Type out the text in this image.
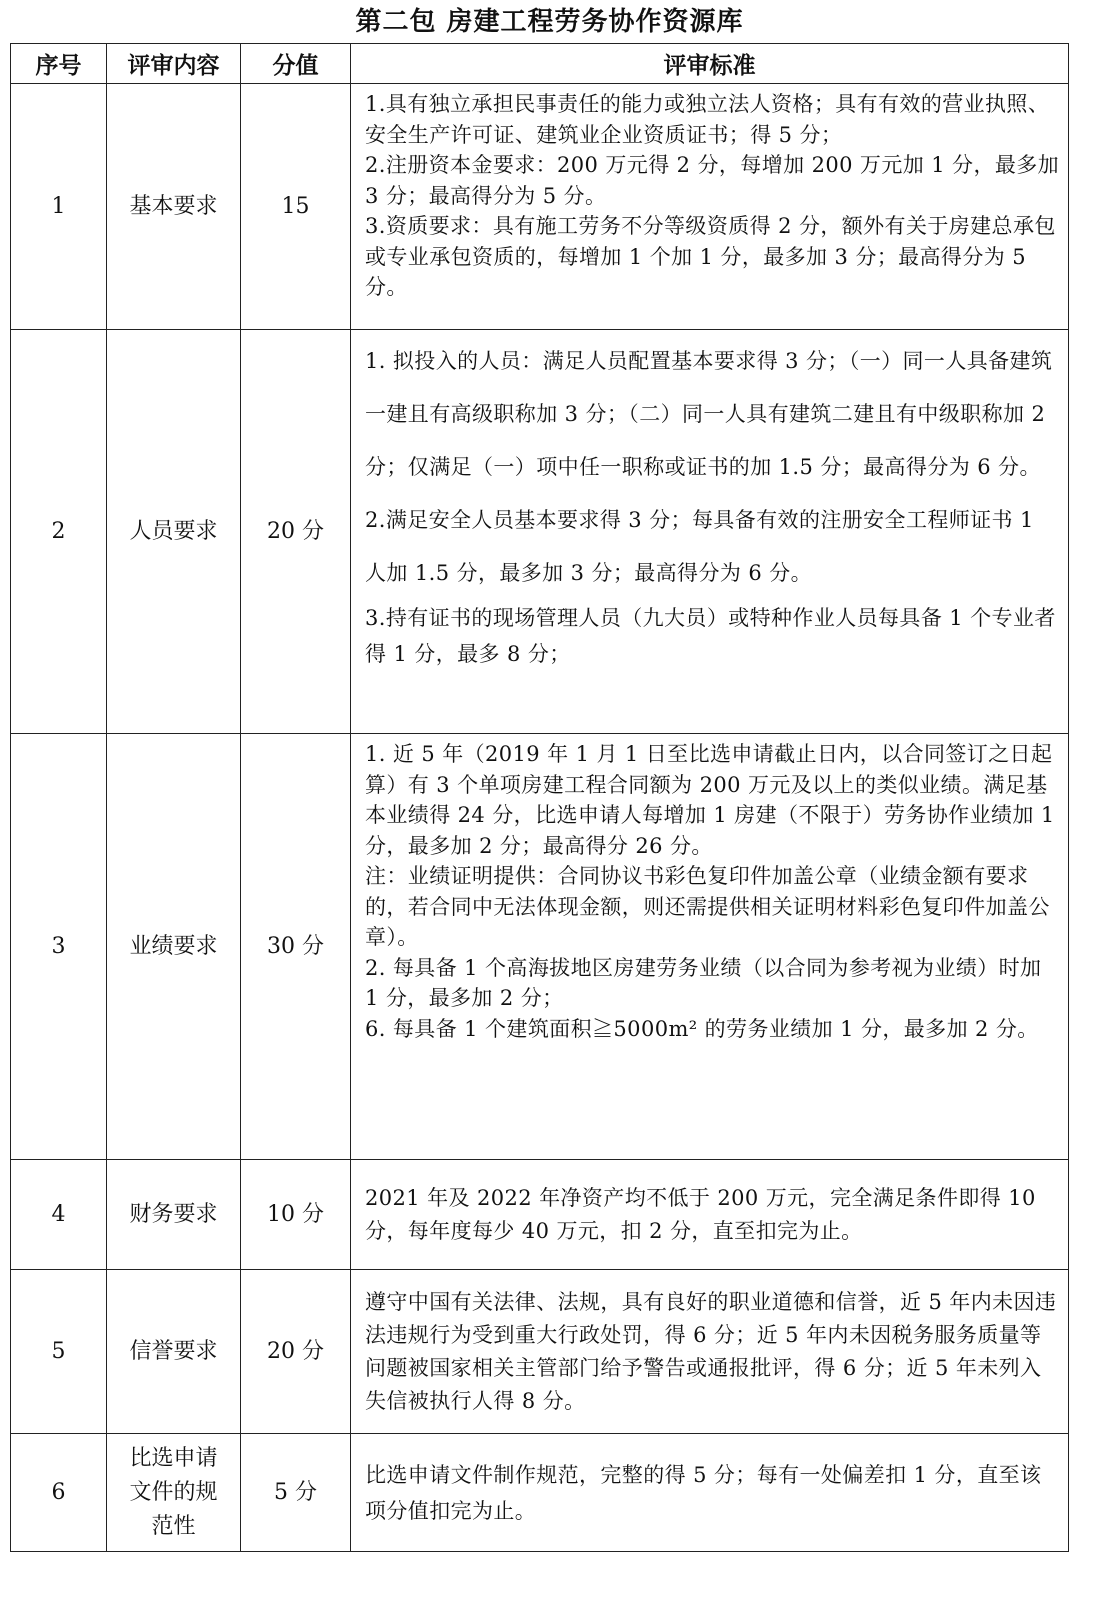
第二包 房建工程劳务协作资源库
序号	评审内容	分值	评审标准
1	基本要求	15	1.具有独立承担民事责任的能力或独立法人资格；具有有效的营业执照、安全生产许可证、建筑业企业资质证书；得 5 分；

2.注册资本金要求：200 万元得 2 分，每增加 200 万元加 1 分，最多加 3 分；最高得分为 5 分。

3.资质要求：具有施工劳务不分等级资质得 2 分，额外有关于房建总承包或专业承包资质的，每增加 1 个加 1 分，最多加 3 分；最高得分为 5 分。

2	人员要求	20 分	1. 拟投入的人员：满足人员配置基本要求得 3 分；（一）同一人具备建筑一建且有高级职称加 3 分；（二）同一人具有建筑二建且有中级职称加 2 分；仅满足（一）项中任一职称或证书的加 1.5 分；最高得分为 6 分。

2.满足安全人员基本要求得 3 分；每具备有效的注册安全工程师证书 1 人加 1.5 分，最多加 3 分；最高得分为 6 分。

3.持有证书的现场管理人员（九大员）或特种作业人员每具备 1 个专业者得 1 分，最多 8 分；

3	业绩要求	30 分	1. 近 5 年（2019 年 1 月 1 日至比选申请截止日内，以合同签订之日起算）有 3 个单项房建工程合同额为 200 万元及以上的类似业绩。满足基本业绩得 24 分，比选申请人每增加 1 房建（不限于）劳务协作业绩加 1 分，最多加 2 分；最高得分 26 分。

注：业绩证明提供：合同协议书彩色复印件加盖公章（业绩金额有要求的，若合同中无法体现金额，则还需提供相关证明材料彩色复印件加盖公章）。

2. 每具备 1 个高海拔地区房建劳务业绩（以合同为参考视为业绩）时加 1 分，最多加 2 分；

6. 每具备 1 个建筑面积≧5000m² 的劳务业绩加 1 分，最多加 2 分。

4	财务要求	10 分	2021 年及 2022 年净资产均不低于 200 万元，完全满足条件即得 10 分，每年度每少 40 万元，扣 2 分，直至扣完为止。

5	信誉要求	20 分	遵守中国有关法律、法规，具有良好的职业道德和信誉，近 5 年内未因违法违规行为受到重大行政处罚，得 6 分；近 5 年内未因税务服务质量等问题被国家相关主管部门给予警告或通报批评，得 6 分；近 5 年未列入失信被执行人得 8 分。

6	比选申请文件的规范性	5 分	比选申请文件制作规范，完整的得 5 分；每有一处偏差扣 1 分，直至该项分值扣完为止。
